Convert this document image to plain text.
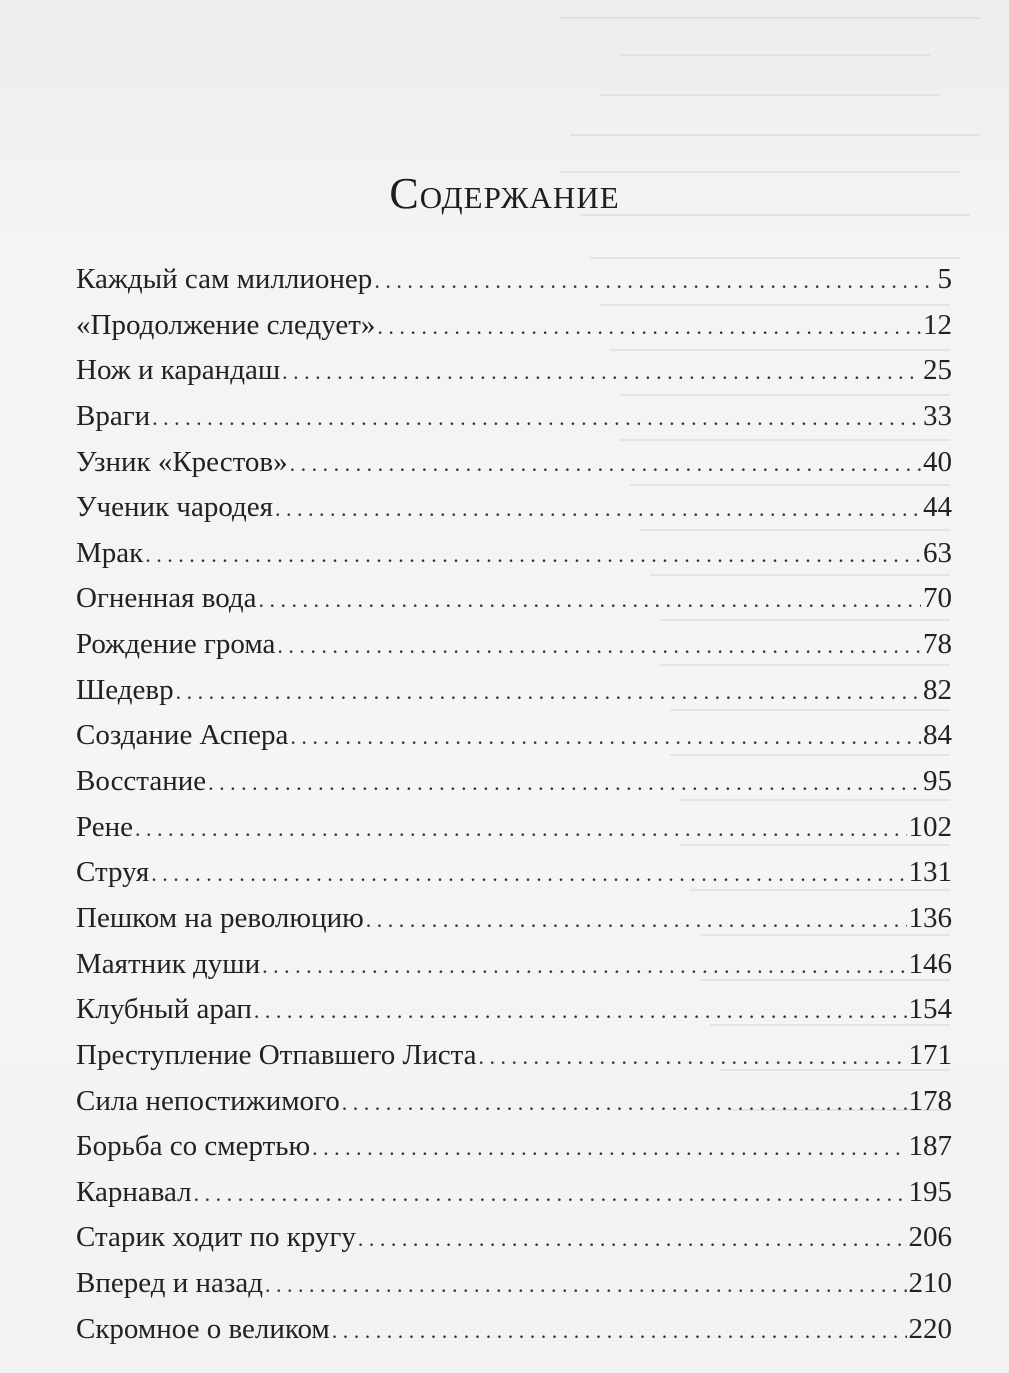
Содержание
Каждый сам миллионер . . .	5
«Продолжение следует» . . .	12
Нож и карандаш . . .	25
Враги . . .	33
Узник «Крестов» . . .	40
Ученик чародея . . .	44
Мрак . . .	63
Огненная вода . . .	70
Рождение грома . . .	78
Шедевр . . .	82
Создание Аспера . . .	84
Восстание . . .	95
Рене . . .	102
Струя . . .	131
Пешком на революцию . . .	136
Маятник души . . .	146
Клубный арап . . .	154
Преступление Отпавшего Листа . . .	171
Сила непостижимого . . .	178
Борьба со смертью . . .	187
Карнавал . . .	195
Старик ходит по кругу . . .	206
Вперед и назад . . .	210
Скромное о великом . . .	220
